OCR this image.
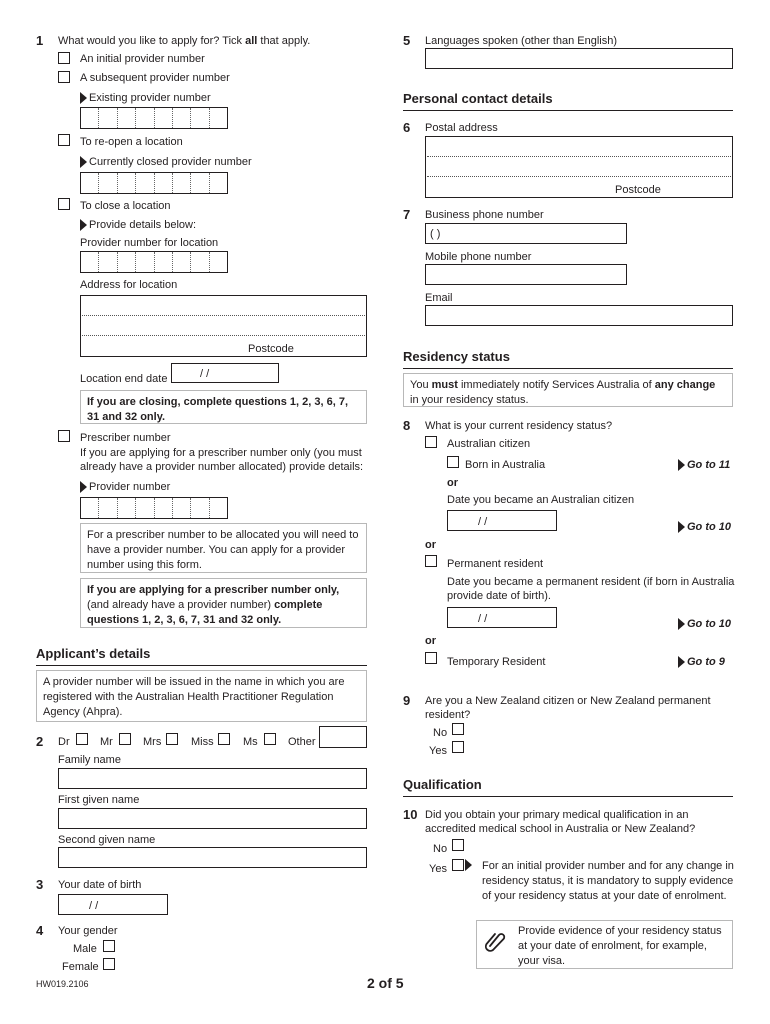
1 What would you like to apply for? Tick all that apply.
An initial provider number
A subsequent provider number
Existing provider number
To re-open a location
Currently closed provider number
To close a location
Provide details below:
Provider number for location
Address for location
Postcode
Location end date	/ /
If you are closing, complete questions 1, 2, 3, 6, 7, 31 and 32 only.
Prescriber number
If you are applying for a prescriber number only (you must already have a provider number allocated) provide details:
Provider number
For a prescriber number to be allocated you will need to have a provider number. You can apply for a provider number using this form.
If you are applying for a prescriber number only,
(and already have a provider number) complete
questions 1, 2, 3, 6, 7, 31 and 32 only.
Applicant’s details
A provider number will be issued in the name in which you are registered with the Australian Health Practitioner Regulation Agency (Ahpra).
2 Dr	Mr	Mrs	Miss	Ms	Other
Family name
First given name
Second given name
3 Your date of birth
/ /
4 Your gender
Male
Female
HW019.2106	2 of 5
5 Languages spoken (other than English)
Personal contact details
6 Postal address
Postcode
7 Business phone number
( )
Mobile phone number
Email
Residency status
You must immediately notify Services Australia of any change in your residency status.
8 What is your current residency status?
Australian citizen
Born in Australia	Go to 11
or
Date you became an Australian citizen
/ /	Go to 10
or
Permanent resident
Date you became a permanent resident (if born in Australia provide date of birth).
/ /	Go to 10
or
Temporary Resident	Go to 9
9 Are you a New Zealand citizen or New Zealand permanent resident?
No
Yes
Qualification
10 Did you obtain your primary medical qualification in an accredited medical school in Australia or New Zealand?
No
Yes	For an initial provider number and for any change in residency status, it is mandatory to supply evidence of your residency status at your date of enrolment.
Provide evidence of your residency status at your date of enrolment, for example, your visa.
